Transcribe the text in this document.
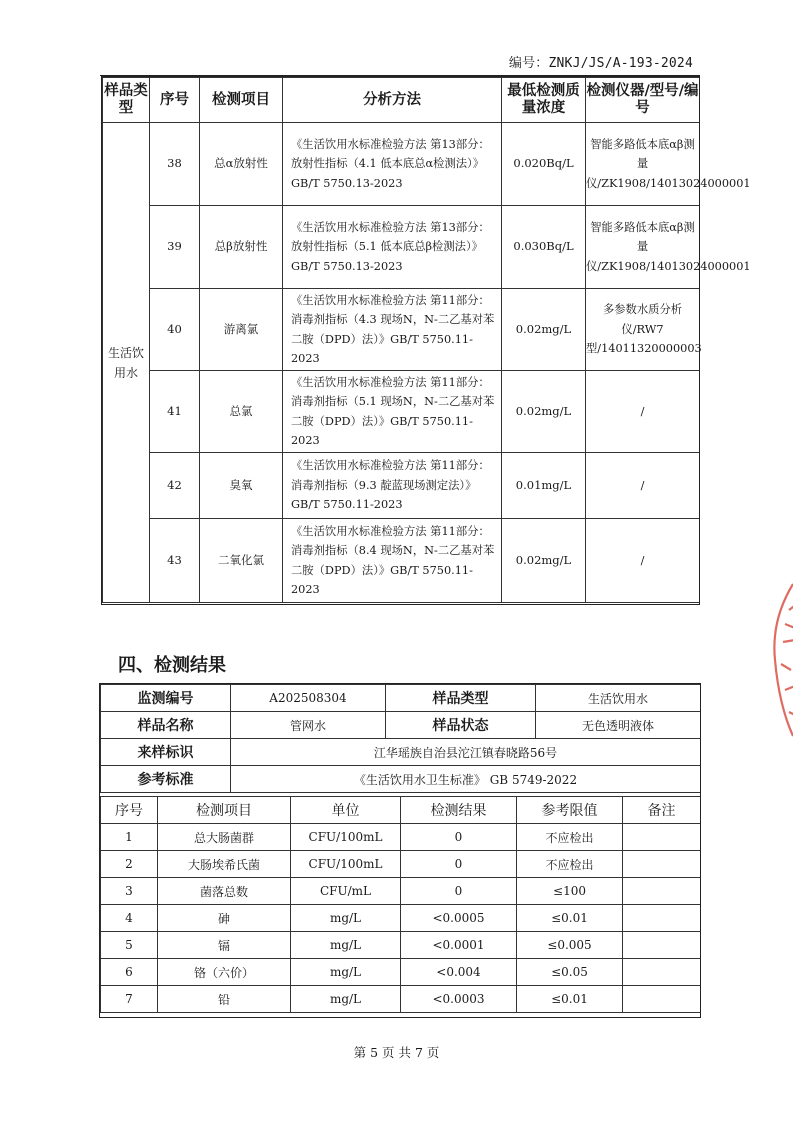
编号：ZNKJ/JS/A-193-2024
样品类型	序号	检测项目	分析方法	最低检测质量浓度	检测仪器/型号/编号
生活饮用水	38	总α放射性	《生活饮用水标准检验方法 第13部分：放射性指标（4.1 低本底总α检测法）》GB/T 5750.13-2023	0.020Bq/L	智能多路低本底αβ测量仪/ZK1908/14013024000001
	39	总β放射性	《生活饮用水标准检验方法 第13部分：放射性指标（5.1 低本底总β检测法）》GB/T 5750.13-2023	0.030Bq/L	智能多路低本底αβ测量仪/ZK1908/14013024000001
	40	游离氯	《生活饮用水标准检验方法 第11部分：消毒剂指标（4.3 现场N，N-二乙基对苯二胺（DPD）法）》GB/T 5750.11-2023	0.02mg/L	多参数水质分析仪/RW7型/14011320000003
	41	总氯	《生活饮用水标准检验方法 第11部分：消毒剂指标（5.1 现场N，N-二乙基对苯二胺（DPD）法）》GB/T 5750.11-2023	0.02mg/L	/
	42	臭氧	《生活饮用水标准检验方法 第11部分：消毒剂指标（9.3 靛蓝现场测定法）》GB/T 5750.11-2023	0.01mg/L	/
	43	二氧化氯	《生活饮用水标准检验方法 第11部分：消毒剂指标（8.4 现场N，N-二乙基对苯二胺（DPD）法）》GB/T 5750.11-2023	0.02mg/L	/
四、检测结果
监测编号	A202508304	样品类型	生活饮用水
样品名称	管网水	样品状态	无色透明液体
来样标识	江华瑶族自治县沱江镇春晓路56号		
参考标准	《生活饮用水卫生标准》 GB 5749-2022		
序号	检测项目	单位	检测结果	参考限值	备注
1	总大肠菌群	CFU/100mL	0	不应检出	
2	大肠埃希氏菌	CFU/100mL	0	不应检出	
3	菌落总数	CFU/mL	0	≤100	
4	砷	mg/L	<0.0005	≤0.01	
5	镉	mg/L	<0.0001	≤0.005	
6	铬（六价）	mg/L	<0.004	≤0.05	
7	铅	mg/L	<0.0003	≤0.01	
第 5 页 共 7 页
